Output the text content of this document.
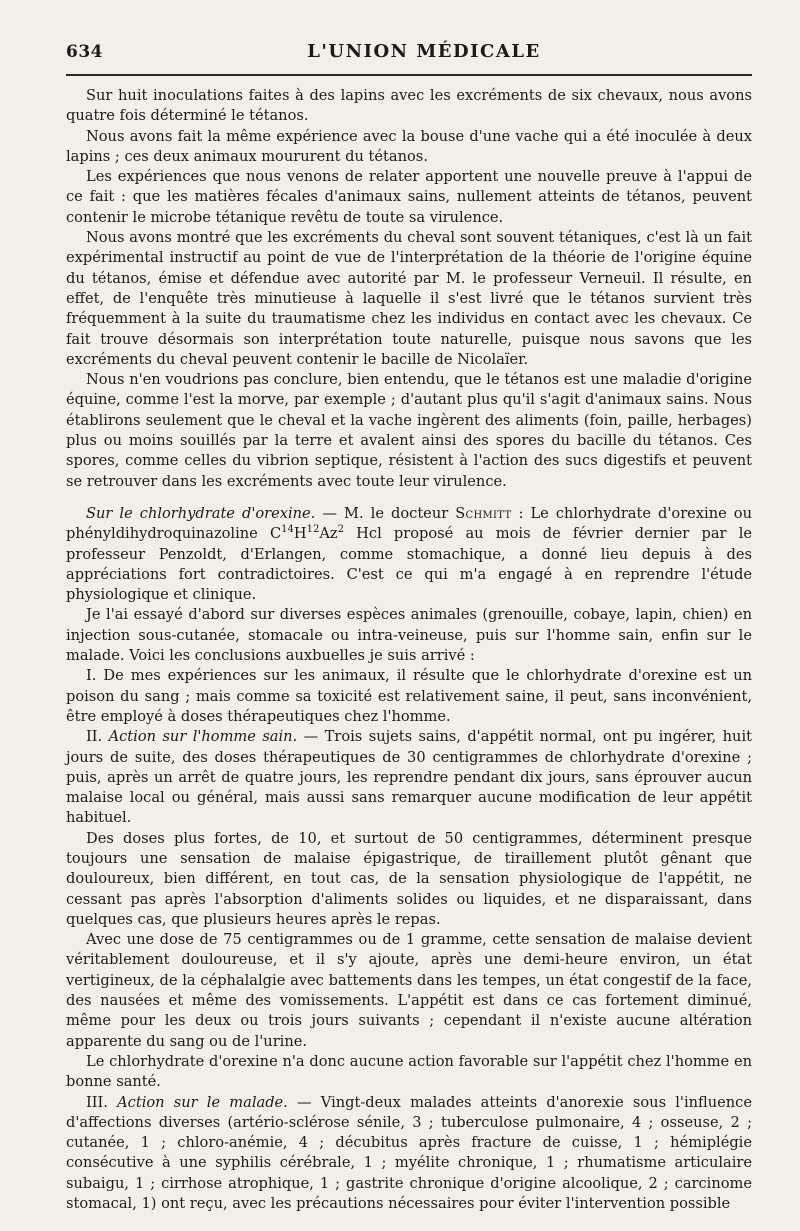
634	L'UNION MÉDICALE

Sur huit inoculations faites à des lapins avec les excréments de six chevaux, nous avons quatre fois déterminé le tétanos.

Nous avons fait la même expérience avec la bouse d'une vache qui a été inoculée à deux lapins ; ces deux animaux moururent du tétanos.

Les expériences que nous venons de relater apportent une nouvelle preuve à l'appui de ce fait : que les matières fécales d'animaux sains, nullement atteints de tétanos, peuvent contenir le microbe tétanique revêtu de toute sa virulence.

Nous avons montré que les excréments du cheval sont souvent tétaniques, c'est là un fait expérimental instructif au point de vue de l'interprétation de la théorie de l'origine équine du tétanos, émise et défendue avec autorité par M. le professeur Verneuil. Il résulte, en effet, de l'enquête très minutieuse à laquelle il s'est livré que le tétanos survient très fréquemment à la suite du traumatisme chez les individus en contact avec les chevaux. Ce fait trouve désormais son interprétation toute naturelle, puisque nous savons que les excréments du cheval peuvent contenir le bacille de Nicolaïer.

Nous n'en voudrions pas conclure, bien entendu, que le tétanos est une maladie d'origine équine, comme l'est la morve, par exemple ; d'autant plus qu'il s'agit d'animaux sains. Nous établirons seulement que le cheval et la vache ingèrent des aliments (foin, paille, herbages) plus ou moins souillés par la terre et avalent ainsi des spores du bacille du tétanos. Ces spores, comme celles du vibrion septique, résistent à l'action des sucs digestifs et peuvent se retrouver dans les excréments avec toute leur virulence.

Sur le chlorhydrate d'orexine. — M. le docteur Schmitt : Le chlorhydrate d'orexine ou phényldihydroquinazoline $C^{14}H^{12}Az^2$ Hcl proposé au mois de février dernier par le professeur Penzoldt, d'Erlangen, comme stomachique, a donné lieu depuis à des appréciations fort contradictoires. C'est ce qui m'a engagé à en reprendre l'étude physiologique et clinique.

Je l'ai essayé d'abord sur diverses espèces animales (grenouille, cobaye, lapin, chien) en injection sous-cutanée, stomacale ou intra-veineuse, puis sur l'homme sain, enfin sur le malade. Voici les conclusions auxbuelles je suis arrivé :

I. De mes expériences sur les animaux, il résulte que le chlorhydrate d'orexine est un poison du sang ; mais comme sa toxicité est relativement saine, il peut, sans inconvénient, être employé à doses thérapeutiques chez l'homme.

II. Action sur l'homme sain. — Trois sujets sains, d'appétit normal, ont pu ingérer, huit jours de suite, des doses thérapeutiques de 30 centigrammes de chlorhydrate d'orexine ; puis, après un arrêt de quatre jours, les reprendre pendant dix jours, sans éprouver aucun malaise local ou général, mais aussi sans remarquer aucune modification de leur appétit habituel.

Des doses plus fortes, de 10, et surtout de 50 centigrammes, déterminent presque toujours une sensation de malaise épigastrique, de tiraillement plutôt gênant que douloureux, bien différent, en tout cas, de la sensation physiologique de l'appétit, ne cessant pas après l'absorption d'aliments solides ou liquides, et ne disparaissant, dans quelques cas, que plusieurs heures après le repas.

Avec une dose de 75 centigrammes ou de 1 gramme, cette sensation de malaise devient véritablement douloureuse, et il s'y ajoute, après une demi-heure environ, un état vertigineux, de la céphalalgie avec battements dans les tempes, un état congestif de la face, des nausées et même des vomissements. L'appétit est dans ce cas fortement diminué, même pour les deux ou trois jours suivants ; cependant il n'existe aucune altération apparente du sang ou de l'urine.

Le chlorhydrate d'orexine n'a donc aucune action favorable sur l'appétit chez l'homme en bonne santé.

III. Action sur le malade. — Vingt-deux malades atteints d'anorexie sous l'influence d'affections diverses (artério-sclérose sénile, 3 ; tuberculose pulmonaire, 4 ; osseuse, 2 ; cutanée, 1 ; chloro-anémie, 4 ; décubitus après fracture de cuisse, 1 ; hémiplégie consécutive à une syphilis cérébrale, 1 ; myélite chronique, 1 ; rhumatisme articulaire subaigu, 1 ; cirrhose atrophique, 1 ; gastrite chronique d'origine alcoolique, 2 ; carcinome stomacal, 1) ont reçu, avec les précautions nécessaires pour éviter l'intervention possible
